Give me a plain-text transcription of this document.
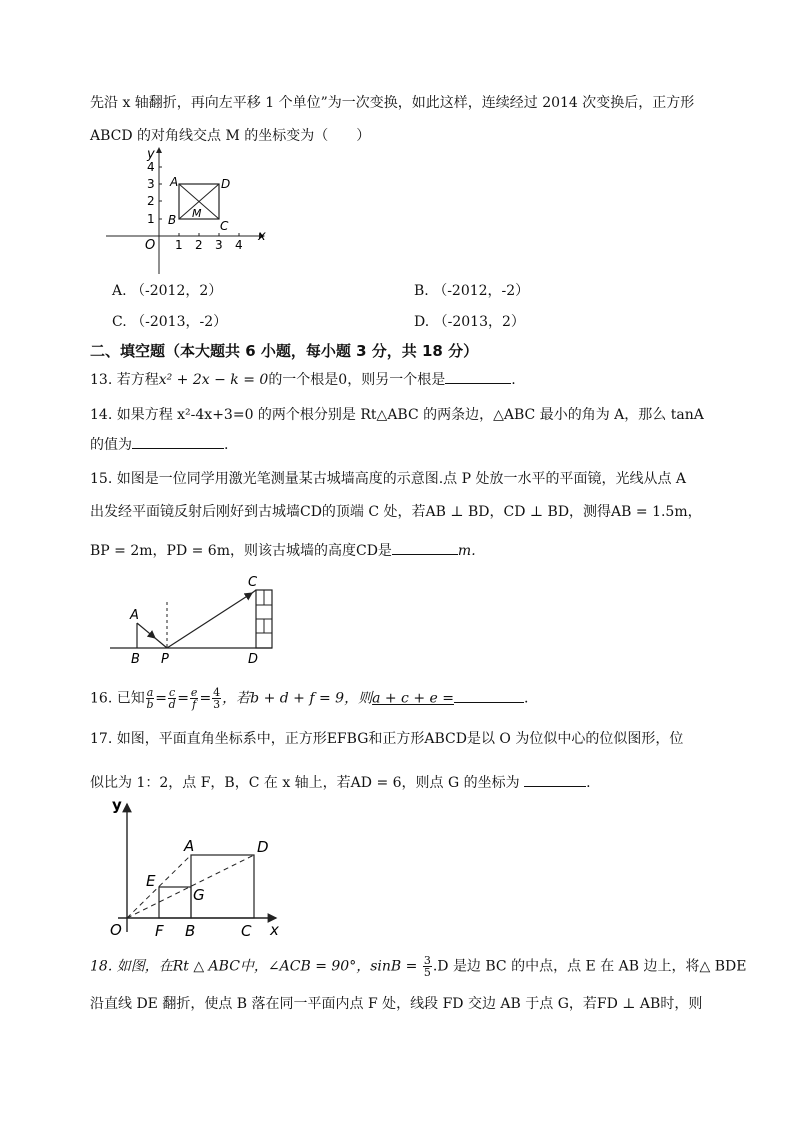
先沿 x 轴翻折，再向左平移 1 个单位”为一次变换，如此这样，连续经过 2014 次变换后，正方形
ABCD 的对角线交点 M 的坐标变为（　　）
y
x
O 1 2 3 4
1
2
3
4
A	D
B	C
M
A. （-2012，2）	B. （-2012，-2）
C. （-2013，-2）	D. （-2013，2）
二、填空题（本大题共 6 小题，每小题 3 分，共 18 分）
13. 若方程x² + 2x − k = 0的一个根是0，则另一个根是	.
14. 如果方程 x²-4x+3=0 的两个根分别是 Rt△ABC 的两条边，△ABC 最小的角为 A，那么 tanA
的值为	.
15. 如图是一位同学用激光笔测量某古城墙高度的示意图.点 P 处放一水平的平面镜，光线从点 A
出发经平面镜反射后刚好到古城墙CD的顶端 C 处，若AB ⊥ BD，CD ⊥ BD，测得AB = 1.5m，
BP = 2m，PD = 6m，则该古城墙的高度CD是	m.
A
B P
C
D
16. 已知 $\frac{a}{b} = \frac{c}{d} = \frac{e}{f} = \frac{4}{3}$ ，若b + d + f = 9，则a + c + e =	.
17. 如图，平面直角坐标系中，正方形EFBG和正方形ABCD是以 O 为位似中心的位似图形，位
似比为 1：2，点 F，B，C 在 x 轴上，若AD = 6，则点 G 的坐标为	.
y
x
O F B	C
A	D
E
G
18. 如图，在Rt △ ABC中，∠ACB = 90°，$\sin B = \frac{3}{5} .D$ 是边 BC 的中点，点 E 在 AB 边上，将△ BDE
沿直线 DE 翻折，使点 B 落在同一平面内点 F 处，线段 FD 交边 AB 于点 G，若FD ⊥ AB时，则
